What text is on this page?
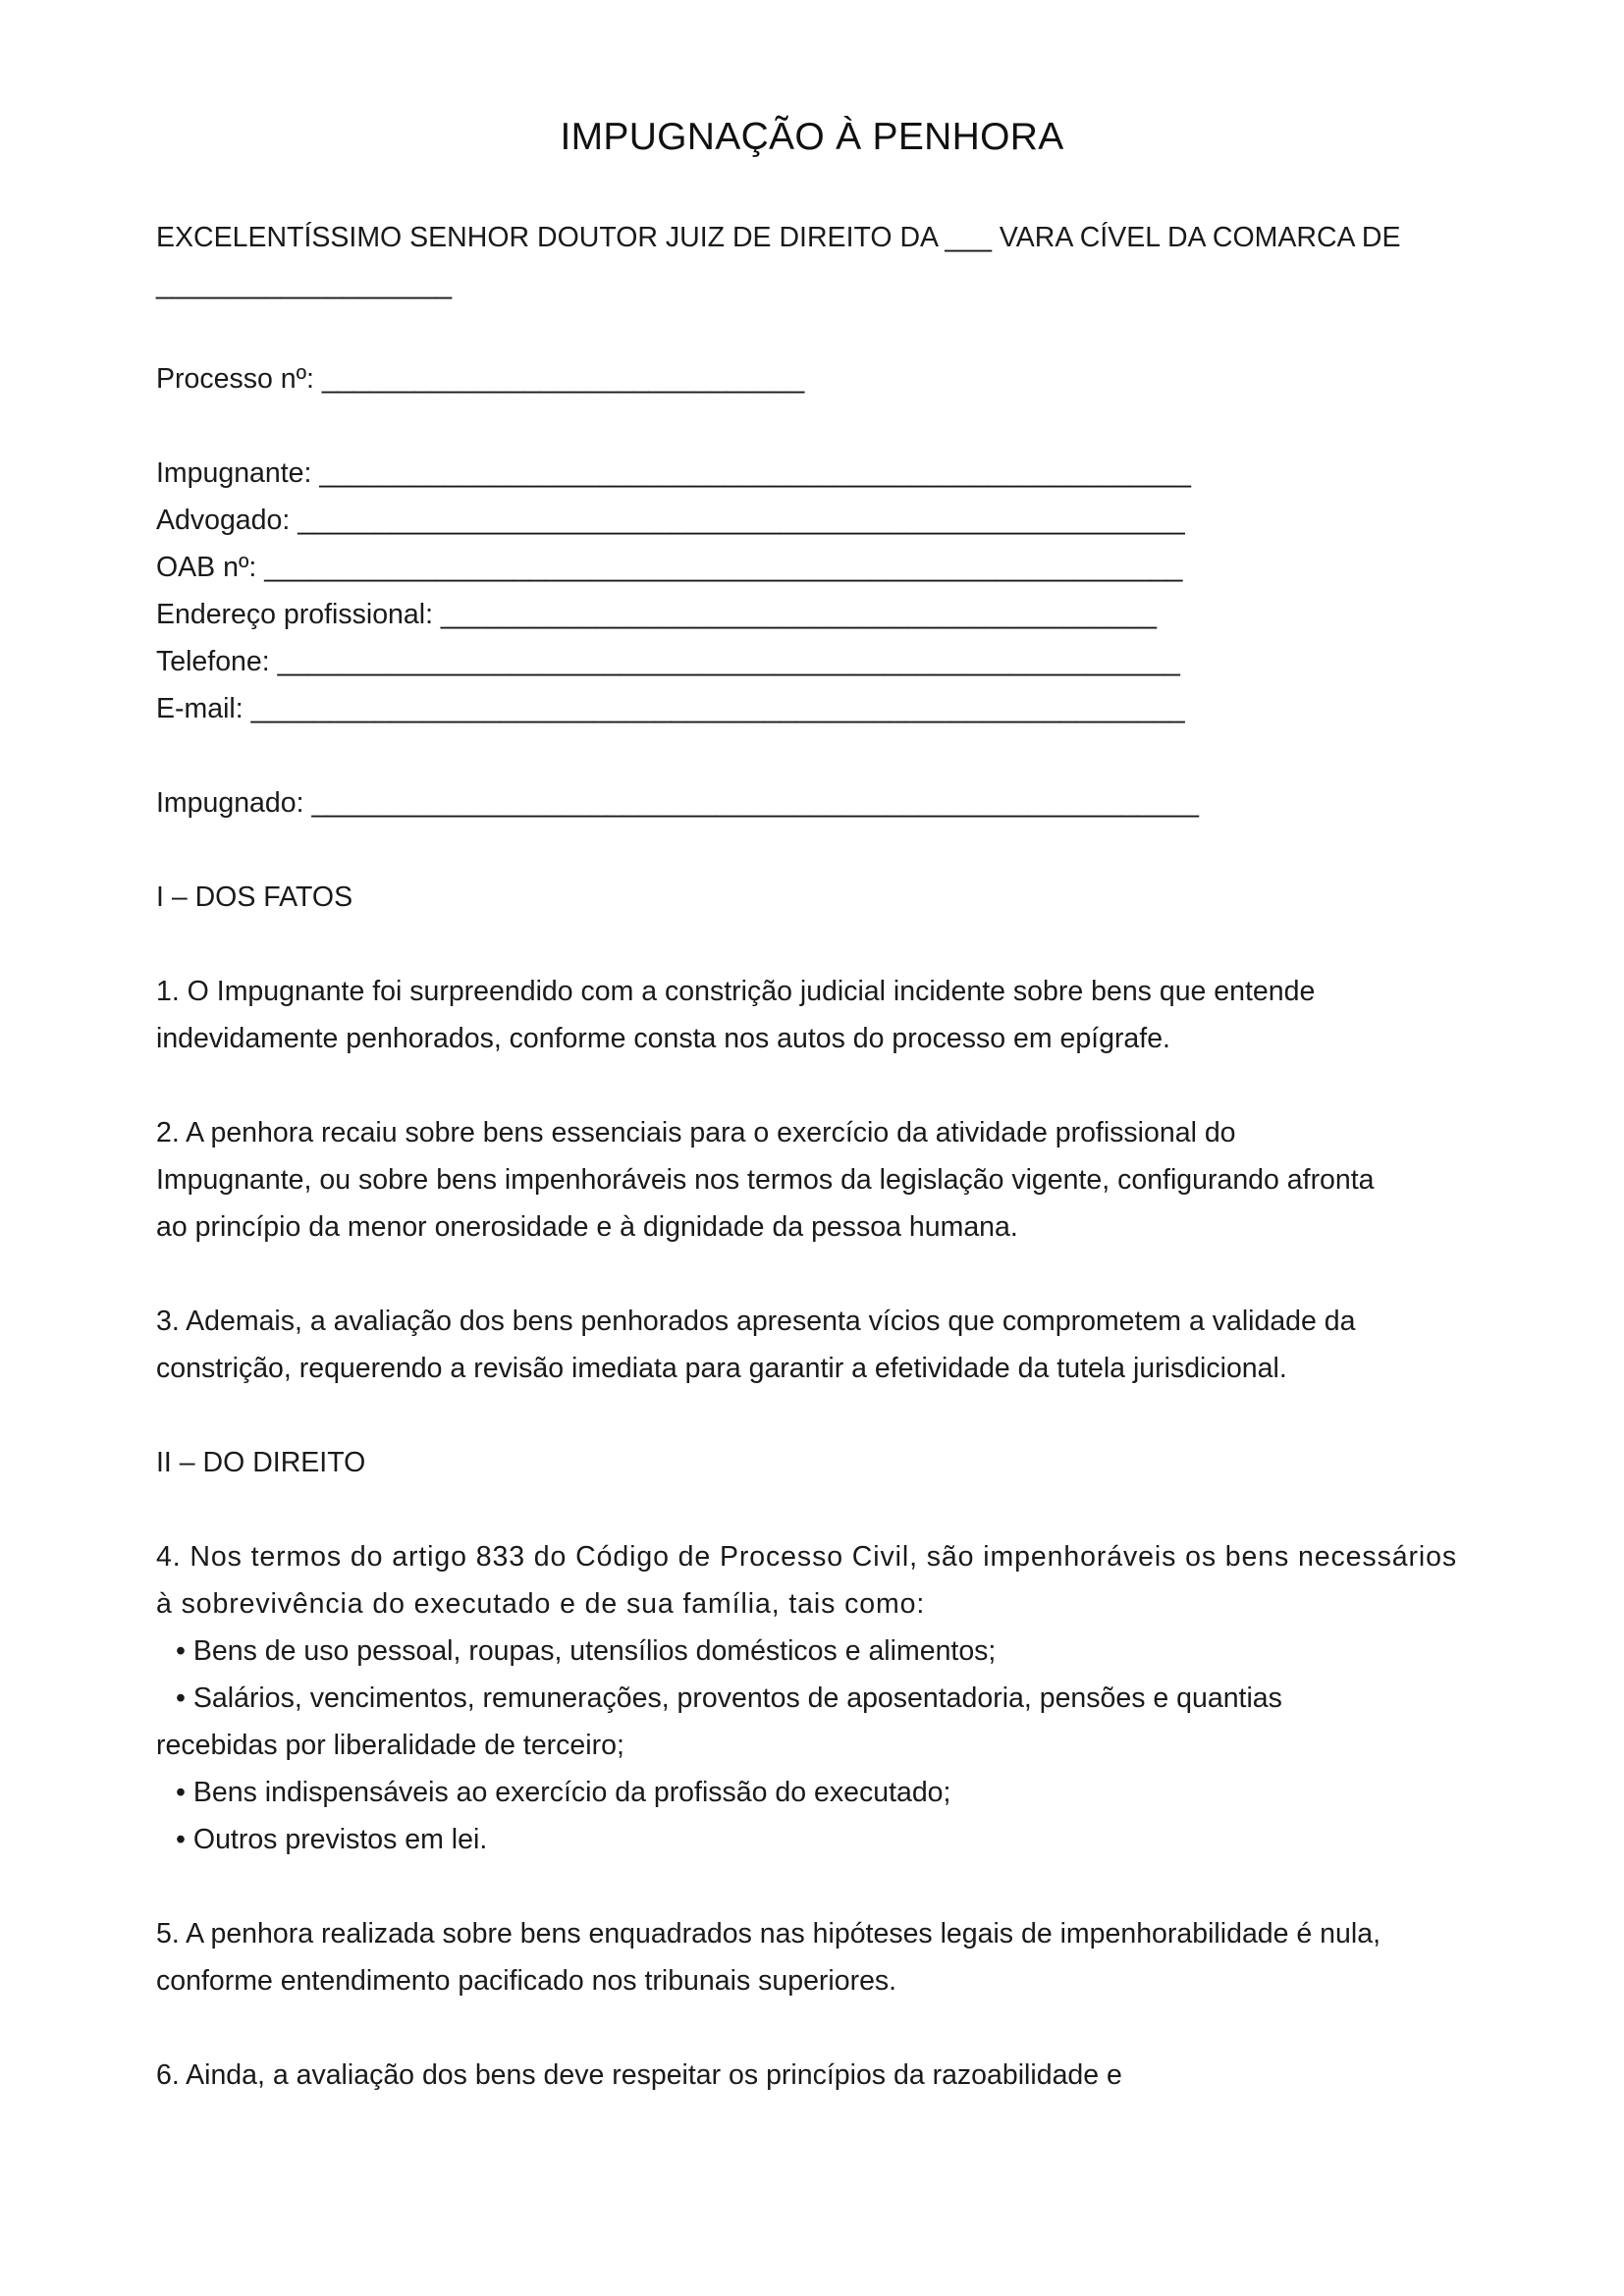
IMPUGNAÇÃO À PENHORA
EXCELENTÍSSIMO SENHOR DOUTOR JUIZ DE DIREITO DA ___ VARA CÍVEL DA COMARCA DE
___________________
Processo nº: _______________________________
Impugnante: ________________________________________________________
Advogado: _________________________________________________________
OAB nº: ___________________________________________________________
Endereço profissional: ______________________________________________
Telefone: __________________________________________________________
E-mail: ____________________________________________________________
Impugnado: _________________________________________________________
I – DOS FATOS
1. O Impugnante foi surpreendido com a constrição judicial incidente sobre bens que entende
indevidamente penhorados, conforme consta nos autos do processo em epígrafe.
2. A penhora recaiu sobre bens essenciais para o exercício da atividade profissional do
Impugnante, ou sobre bens impenhoráveis nos termos da legislação vigente, configurando afronta
ao princípio da menor onerosidade e à dignidade da pessoa humana.
3. Ademais, a avaliação dos bens penhorados apresenta vícios que comprometem a validade da
constrição, requerendo a revisão imediata para garantir a efetividade da tutela jurisdicional.
II – DO DIREITO
4. Nos termos do artigo 833 do Código de Processo Civil, são impenhoráveis os bens necessários
à sobrevivência do executado e de sua família, tais como:
• Bens de uso pessoal, roupas, utensílios domésticos e alimentos;
• Salários, vencimentos, remunerações, proventos de aposentadoria, pensões e quantias
recebidas por liberalidade de terceiro;
• Bens indispensáveis ao exercício da profissão do executado;
• Outros previstos em lei.
5. A penhora realizada sobre bens enquadrados nas hipóteses legais de impenhorabilidade é nula,
conforme entendimento pacificado nos tribunais superiores.
6. Ainda, a avaliação dos bens deve respeitar os princípios da razoabilidade e
